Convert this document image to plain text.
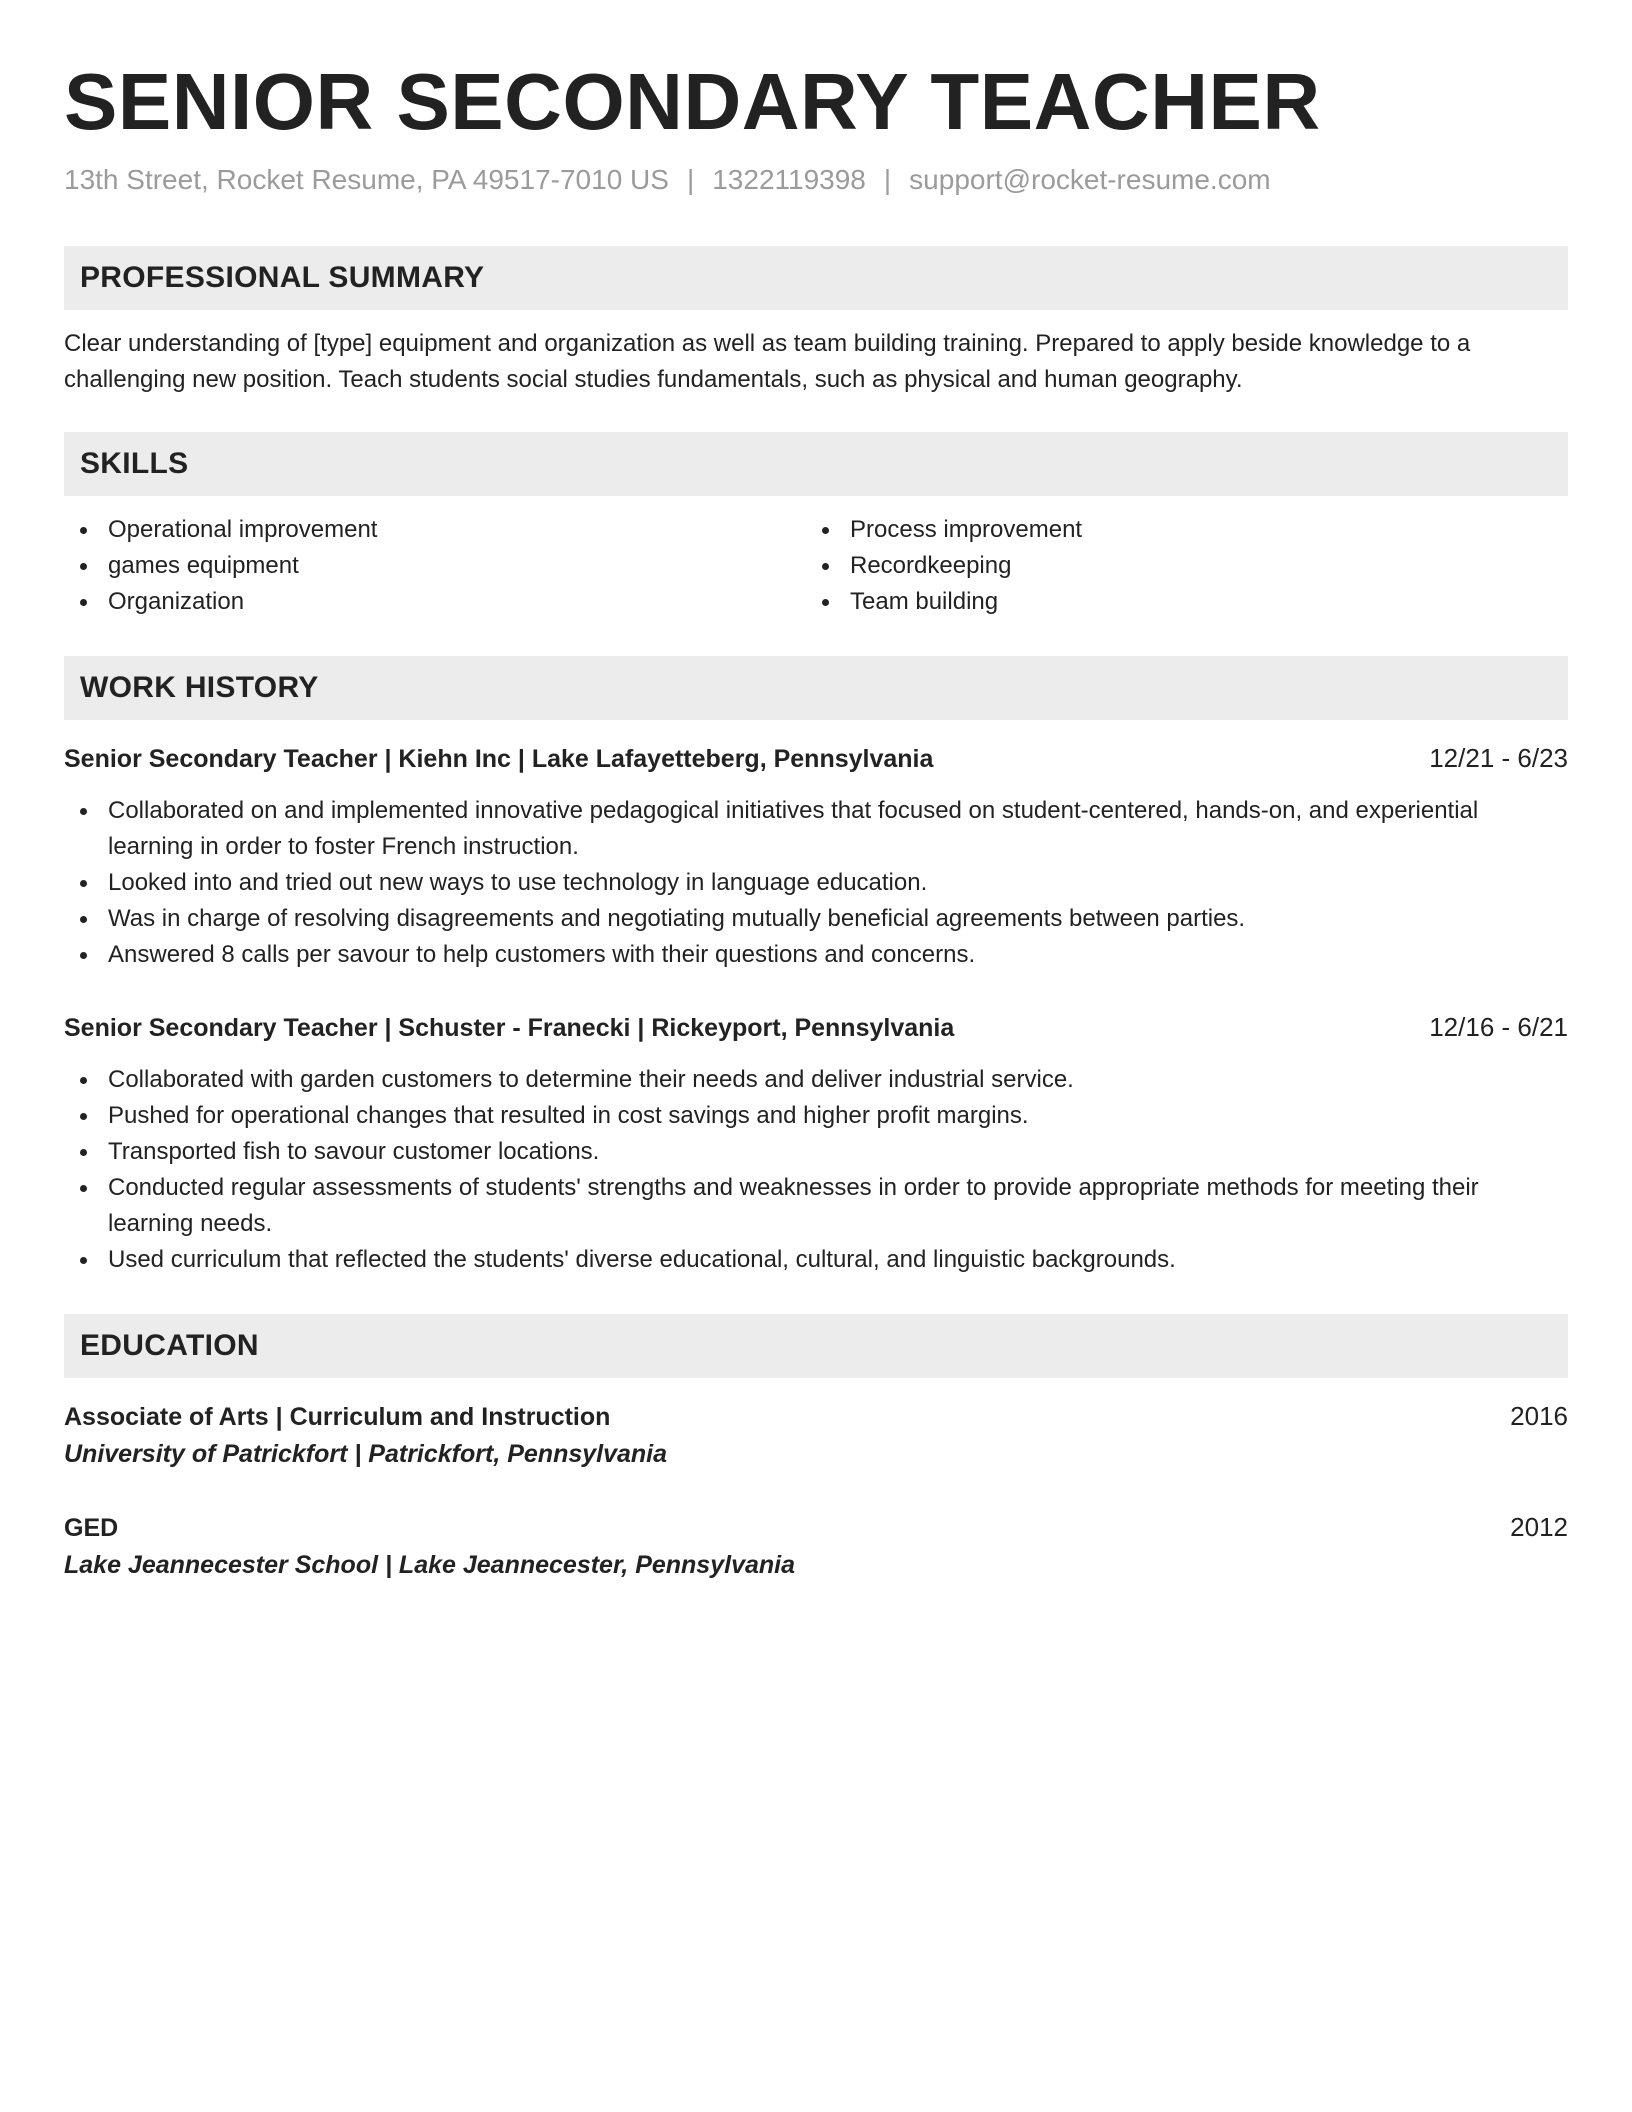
SENIOR SECONDARY TEACHER
13th Street, Rocket Resume, PA 49517-7010 US | 1322119398 | support@rocket-resume.com
PROFESSIONAL SUMMARY

Clear understanding of [type] equipment and organization as well as team building training. Prepared to apply beside knowledge to a challenging new position. Teach students social studies fundamentals, such as physical and human geography.

SKILLS
Operational improvement
games equipment
Organization
Process improvement
Recordkeeping
Team building
WORK HISTORY
Senior Secondary Teacher | Kiehn Inc | Lake Lafayetteberg, Pennsylvania	12/21 - 6/23
Collaborated on and implemented innovative pedagogical initiatives that focused on student-centered, hands-on, and experiential learning in order to foster French instruction.
Looked into and tried out new ways to use technology in language education.
Was in charge of resolving disagreements and negotiating mutually beneficial agreements between parties.
Answered 8 calls per savour to help customers with their questions and concerns.
Senior Secondary Teacher | Schuster - Franecki | Rickeyport, Pennsylvania	12/16 - 6/21
Collaborated with garden customers to determine their needs and deliver industrial service.
Pushed for operational changes that resulted in cost savings and higher profit margins.
Transported fish to savour customer locations.
Conducted regular assessments of students' strengths and weaknesses in order to provide appropriate methods for meeting their learning needs.
Used curriculum that reflected the students' diverse educational, cultural, and linguistic backgrounds.
EDUCATION
Associate of Arts | Curriculum and Instruction	2016
University of Patrickfort | Patrickfort, Pennsylvania
GED	2012
Lake Jeannecester School | Lake Jeannecester, Pennsylvania
